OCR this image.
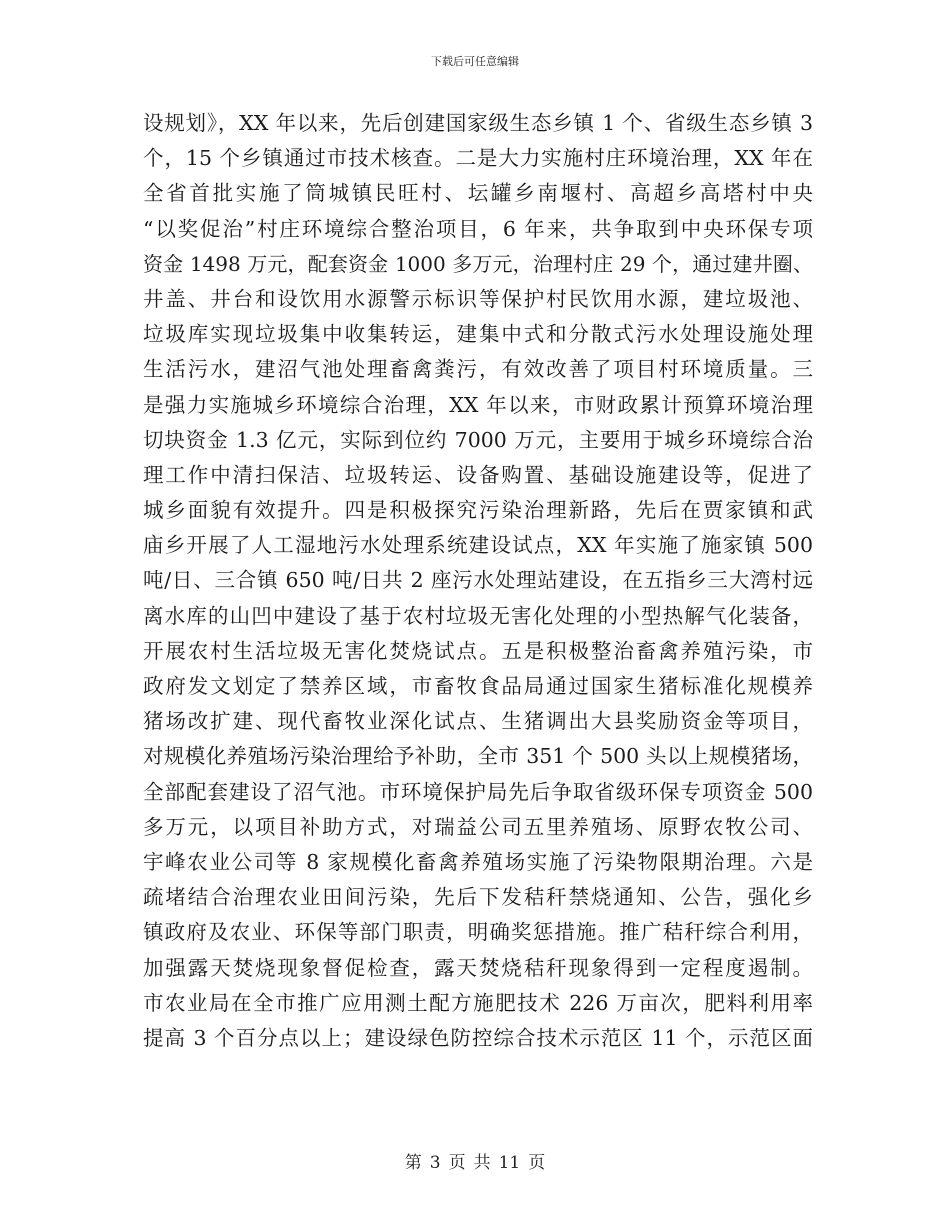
下载后可任意编辑
设规划》，XX 年以来，先后创建国家级生态乡镇 1 个、省级生态乡镇 3
个，15 个乡镇通过市技术核查。二是大力实施村庄环境治理，XX 年在
全省首批实施了筒城镇民旺村、坛罐乡南堰村、高超乡高塔村中央
“以奖促治”村庄环境综合整治项目，6 年来，共争取到中央环保专项
资金 1498 万元，配套资金 1000 多万元，治理村庄 29 个，通过建井圈、
井盖、井台和设饮用水源警示标识等保护村民饮用水源，建垃圾池、
垃圾库实现垃圾集中收集转运，建集中式和分散式污水处理设施处理
生活污水，建沼气池处理畜禽粪污，有效改善了项目村环境质量。三
是强力实施城乡环境综合治理，XX 年以来，市财政累计预算环境治理
切块资金 1.3 亿元，实际到位约 7000 万元，主要用于城乡环境综合治
理工作中清扫保洁、垃圾转运、设备购置、基础设施建设等，促进了
城乡面貌有效提升。四是积极探究污染治理新路，先后在贾家镇和武
庙乡开展了人工湿地污水处理系统建设试点，XX 年实施了施家镇 500
吨/日、三合镇 650 吨/日共 2 座污水处理站建设，在五指乡三大湾村远
离水库的山凹中建设了基于农村垃圾无害化处理的小型热解气化装备，
开展农村生活垃圾无害化焚烧试点。五是积极整治畜禽养殖污染，市
政府发文划定了禁养区域，市畜牧食品局通过国家生猪标准化规模养
猪场改扩建、现代畜牧业深化试点、生猪调出大县奖励资金等项目，
对规模化养殖场污染治理给予补助，全市 351 个 500 头以上规模猪场，
全部配套建设了沼气池。市环境保护局先后争取省级环保专项资金 500
多万元，以项目补助方式，对瑞益公司五里养殖场、原野农牧公司、
宇峰农业公司等 8 家规模化畜禽养殖场实施了污染物限期治理。六是
疏堵结合治理农业田间污染，先后下发秸秆禁烧通知、公告，强化乡
镇政府及农业、环保等部门职责，明确奖惩措施。推广秸秆综合利用，
加强露天焚烧现象督促检查，露天焚烧秸秆现象得到一定程度遏制。
市农业局在全市推广应用测土配方施肥技术 226 万亩次，肥料利用率
提高 3 个百分点以上；建设绿色防控综合技术示范区 11 个，示范区面
第 3 页 共 11 页
